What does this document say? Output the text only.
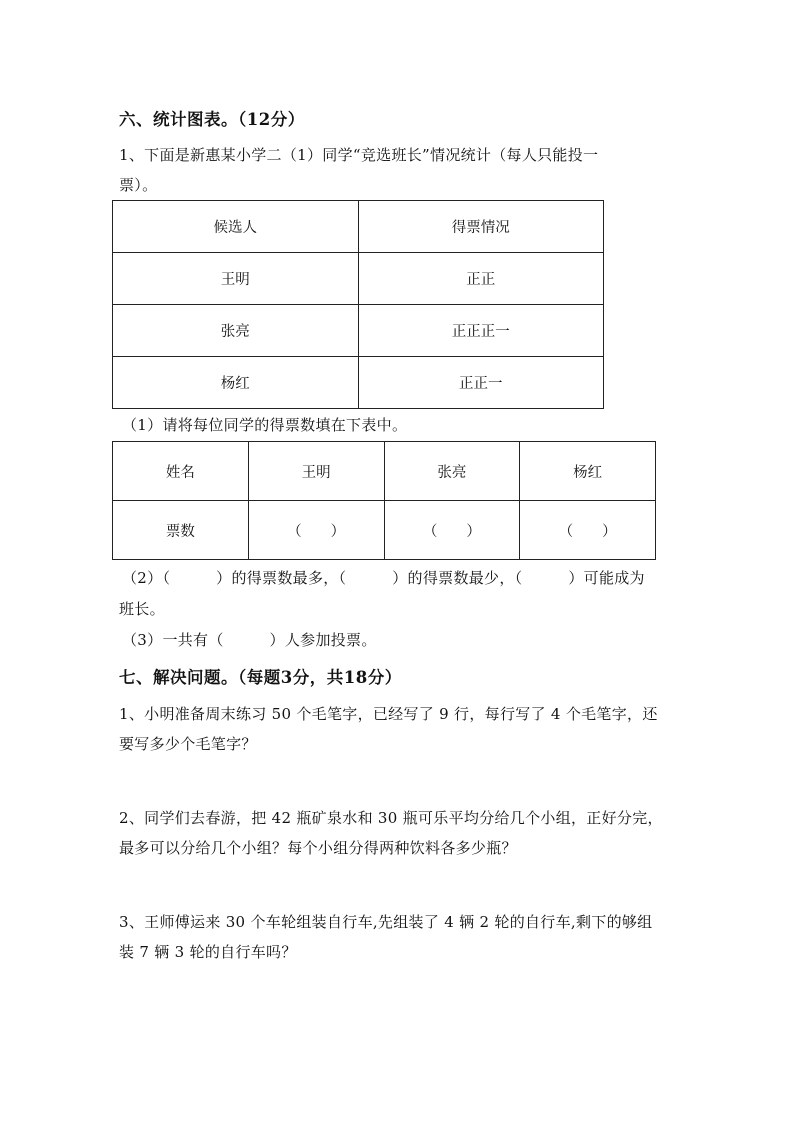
六、统计图表。（12分）
1、下面是新惠某小学二（1）同学“竞选班长”情况统计（每人只能投一
票）。
候选人	得票情况
王明	正正
张亮	正正正一
杨红	正正一
（1）请将每位同学的得票数填在下表中。
姓名	王明	张亮	杨红
票数	（　　）	（　　）	（　　）
（2）（　　　）的得票数最多，（　　　）的得票数最少，（　　　）可能成为
班长。
（3）一共有（　　　）人参加投票。
七、解决问题。（每题3分，共18分）
1、小明准备周末练习 50 个毛笔字，已经写了 9 行，每行写了 4 个毛笔字，还
要写多少个毛笔字？
2、同学们去春游，把 42 瓶矿泉水和 30 瓶可乐平均分给几个小组，正好分完，
最多可以分给几个小组？每个小组分得两种饮料各多少瓶？
3、王师傅运来 30 个车轮组装自行车,先组装了 4 辆 2 轮的自行车,剩下的够组
装 7 辆 3 轮的自行车吗？
